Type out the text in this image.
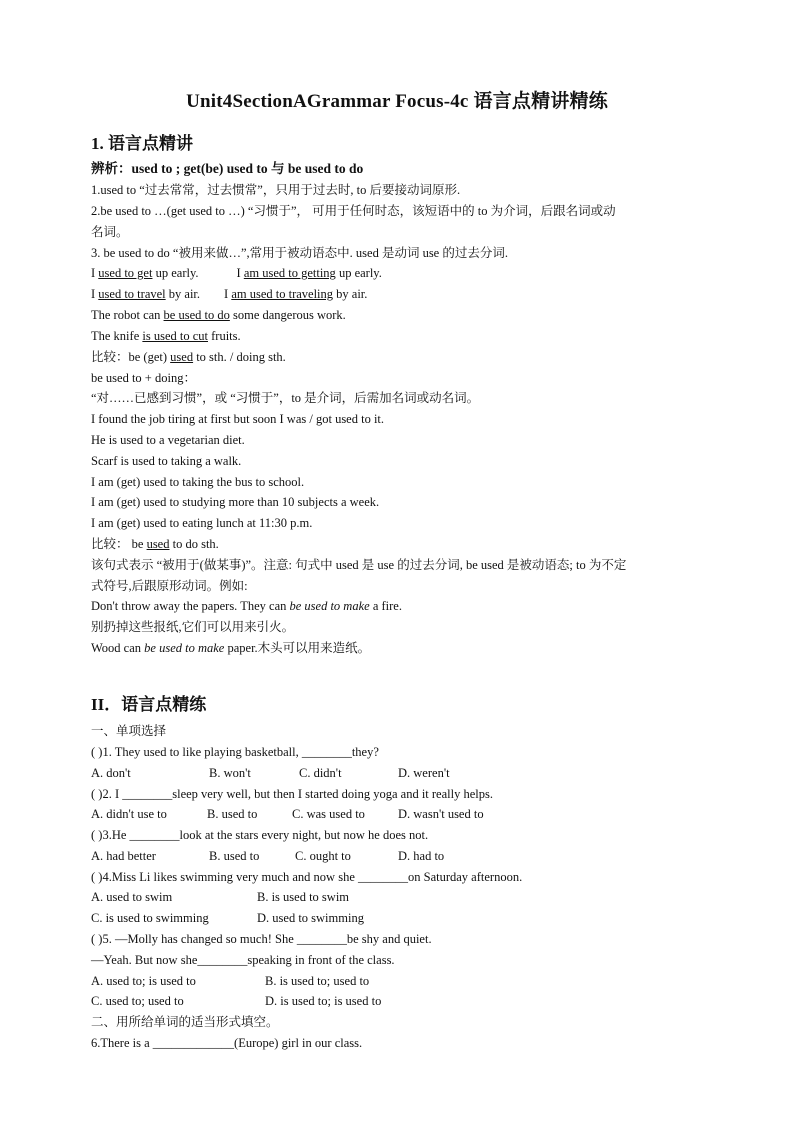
Unit4SectionAGrammar Focus-4c 语言点精讲精练
1. 语言点精讲
辨析：used to ; get(be) used to 与 be used to do
1.used to “过去常常，过去惯常”，只用于过去时, to 后要接动词原形.
2.be used to …(get used to …) “习惯于”， 可用于任何时态，该短语中的 to 为介词，后跟名词或动
名词。
3. be used to do “被用来做…”,常用于被动语态中. used 是动词 use 的过去分词.
I used to get up early.	I am used to getting up early.
I used to travel by air. I am used to traveling by air.
The robot can be used to do some dangerous work.
The knife is used to cut fruits.
比较：be (get) used to sth. / doing sth.
be used to + doing：
“对……已感到习惯”，或 “习惯于”，to 是介词，后需加名词或动名词。
I found the job tiring at first but soon I was / got used to it.
He is used to a vegetarian diet.
Scarf is used to taking a walk.
I am (get) used to taking the bus to school.
I am (get) used to studying more than 10 subjects a week.
I am (get) used to eating lunch at 11:30 p.m.
比较： be used to do sth.
该句式表示 “被用于(做某事)”。注意: 句式中 used 是 use 的过去分词, be used 是被动语态; to 为不定
式符号,后跟原形动词。例如:
Don't throw away the papers. They can be used to make a fire.
别扔掉这些报纸,它们可以用来引火。
Wood can be used to make paper.木头可以用来造纸。
II．语言点精练
一、单项选择
( )1. They used to like playing basketball, ________they?
A. don't	B. won't	C. didn't	D. weren't
( )2. I ________sleep very well, but then I started doing yoga and it really helps.
A. didn't use to	B. used to	C. was used to	D. wasn't used to
( )3.He ________look at the stars every night, but now he does not.
A. had better	B. used to	C. ought to	D. had to
( )4.Miss Li likes swimming very much and now she ________on Saturday afternoon.
A. used to swim	B. is used to swim
C. is used to swimming	D. used to swimming
( )5. —Molly has changed so much! She ________be shy and quiet.
—Yeah. But now she________speaking in front of the class.
A. used to; is used to	B. is used to; used to
C. used to; used to	D. is used to; is used to
二、用所给单词的适当形式填空。
6.There is a _____________(Europe) girl in our class.
